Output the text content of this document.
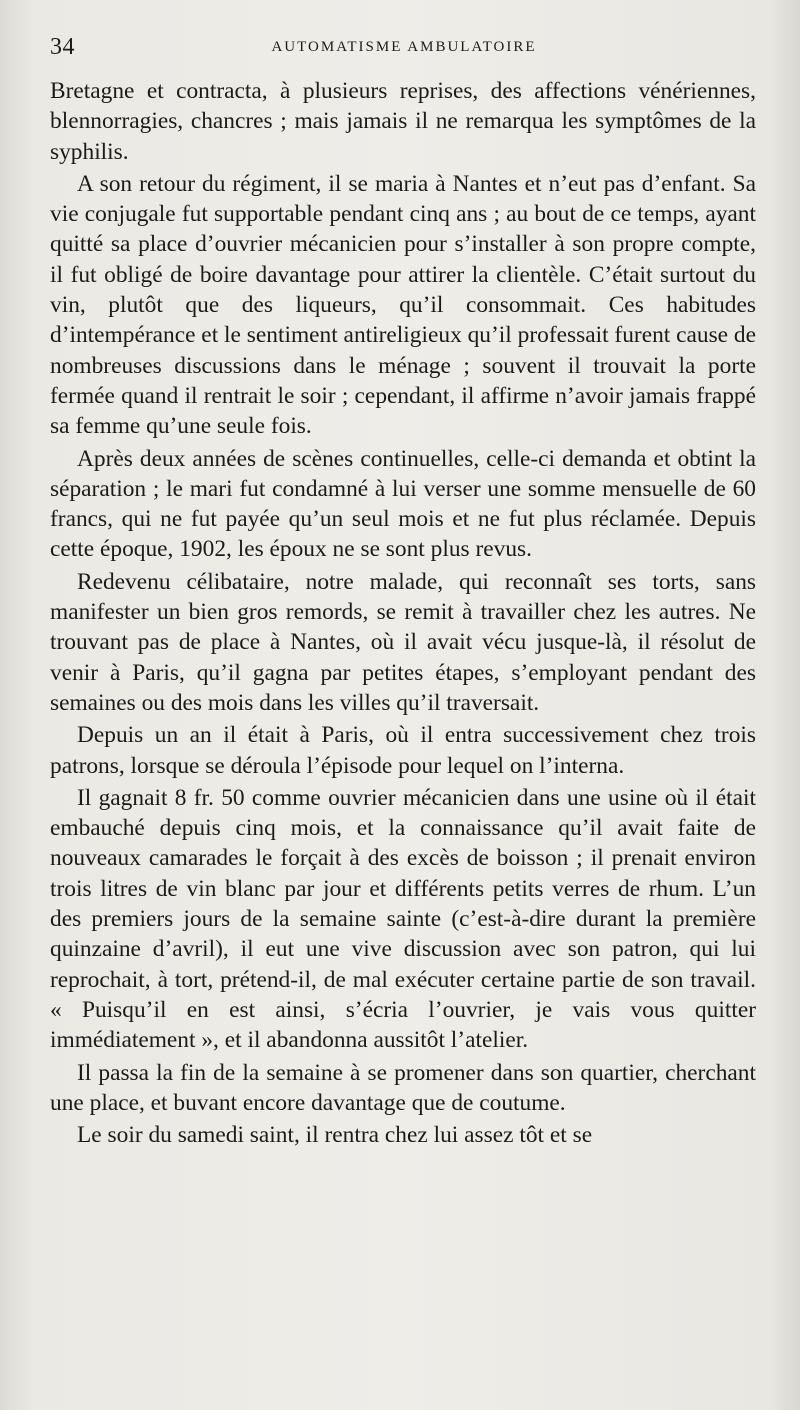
34	AUTOMATISME AMBULATOIRE

Bretagne et contracta, à plusieurs reprises, des affections vénériennes, blennorragies, chancres ; mais jamais il ne remarqua les symptômes de la syphilis.

A son retour du régiment, il se maria à Nantes et n’eut pas d’enfant. Sa vie conjugale fut supportable pendant cinq ans ; au bout de ce temps, ayant quitté sa place d’ouvrier mécanicien pour s’installer à son propre compte, il fut obligé de boire davantage pour attirer la clientèle. C’était surtout du vin, plutôt que des liqueurs, qu’il consommait. Ces habitudes d’intempérance et le sentiment antireligieux qu’il professait furent cause de nombreuses discussions dans le ménage ; souvent il trouvait la porte fermée quand il rentrait le soir ; cependant, il affirme n’avoir jamais frappé sa femme qu’une seule fois.

Après deux années de scènes continuelles, celle-ci demanda et obtint la séparation ; le mari fut condamné à lui verser une somme mensuelle de 60 francs, qui ne fut payée qu’un seul mois et ne fut plus réclamée. Depuis cette époque, 1902, les époux ne se sont plus revus.

Redevenu célibataire, notre malade, qui reconnaît ses torts, sans manifester un bien gros remords, se remit à travailler chez les autres. Ne trouvant pas de place à Nantes, où il avait vécu jusque-là, il résolut de venir à Paris, qu’il gagna par petites étapes, s’employant pendant des semaines ou des mois dans les villes qu’il traversait.

Depuis un an il était à Paris, où il entra successivement chez trois patrons, lorsque se déroula l’épisode pour lequel on l’interna.

Il gagnait 8 fr. 50 comme ouvrier mécanicien dans une usine où il était embauché depuis cinq mois, et la connaissance qu’il avait faite de nouveaux camarades le forçait à des excès de boisson ; il prenait environ trois litres de vin blanc par jour et différents petits verres de rhum. L’un des premiers jours de la semaine sainte (c’est-à-dire durant la première quinzaine d’avril), il eut une vive discussion avec son patron, qui lui reprochait, à tort, prétend-il, de mal exécuter certaine partie de son travail. « Puisqu’il en est ainsi, s’écria l’ouvrier, je vais vous quitter immédiatement », et il abandonna aussitôt l’atelier.

Il passa la fin de la semaine à se promener dans son quartier, cherchant une place, et buvant encore davantage que de coutume.

Le soir du samedi saint, il rentra chez lui assez tôt et se
